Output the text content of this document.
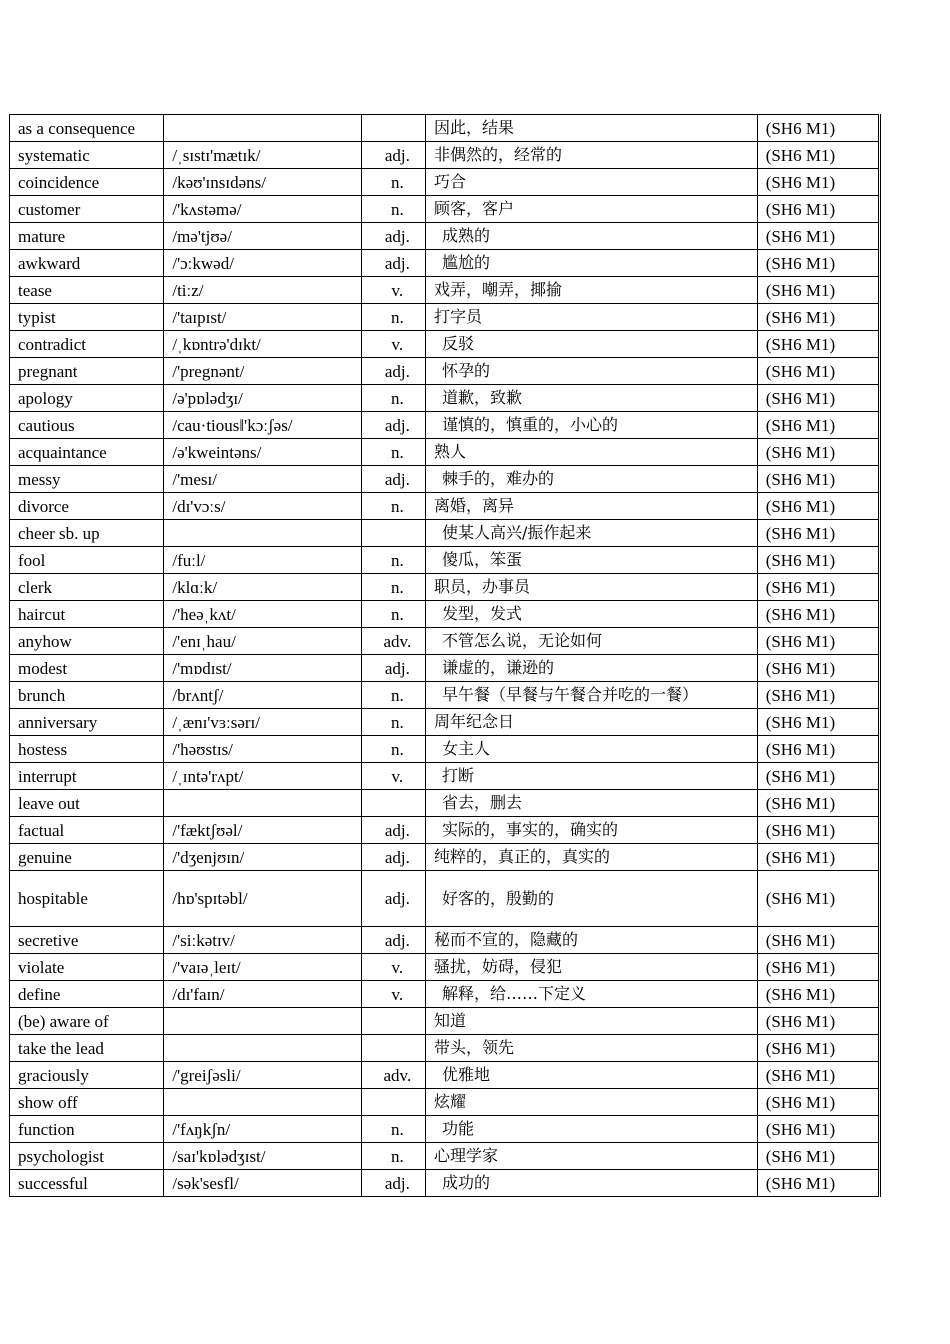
as a consequence			因此，结果	(SH6 M1)
systematic	/ˌsɪstɪ'mætɪk/	adj.	非偶然的，经常的	(SH6 M1)
coincidence	/kəʊ'ɪnsɪdəns/	n.	巧合	(SH6 M1)
customer	/'kʌstəmə/	n.	顾客，客户	(SH6 M1)
mature	/mə'tjʊə/	adj.	成熟的	(SH6 M1)
awkward	/'ɔːkwəd/	adj.	尴尬的	(SH6 M1)
tease	/tiːz/	v.	戏弄，嘲弄，揶揄	(SH6 M1)
typist	/'taɪpɪst/	n.	打字员	(SH6 M1)
contradict	/ˌkɒntrə'dɪkt/	v.	反驳	(SH6 M1)
pregnant	/'pregnənt/	adj.	怀孕的	(SH6 M1)
apology	/ə'pɒlədʒɪ/	n.	道歉，致歉	(SH6 M1)
cautious	/cau·tious‖'kɔːʃəs/	adj.	谨慎的，慎重的，小心的	(SH6 M1)
acquaintance	/ə'kweintəns/	n.	熟人	(SH6 M1)
messy	/'mesɪ/	adj.	棘手的，难办的	(SH6 M1)
divorce	/dɪ'vɔːs/	n.	离婚，离异	(SH6 M1)
cheer sb. up			使某人高兴/振作起来	(SH6 M1)
fool	/fuːl/	n.	傻瓜，笨蛋	(SH6 M1)
clerk	/klɑːk/	n.	职员，办事员	(SH6 M1)
haircut	/'heəˌkʌt/	n.	发型，发式	(SH6 M1)
anyhow	/'enɪˌhau/	adv.	不管怎么说，无论如何	(SH6 M1)
modest	/'mɒdɪst/	adj.	谦虚的，谦逊的	(SH6 M1)
brunch	/brʌntʃ/	n.	早午餐（早餐与午餐合并吃的一餐）	(SH6 M1)
anniversary	/ˌænɪ'vɜːsərɪ/	n.	周年纪念日	(SH6 M1)
hostess	/'həʊstɪs/	n.	女主人	(SH6 M1)
interrupt	/ˌɪntə'rʌpt/	v.	打断	(SH6 M1)
leave out			省去，删去	(SH6 M1)
factual	/'fæktʃʊəl/	adj.	实际的，事实的，确实的	(SH6 M1)
genuine	/'dʒenjʊɪn/	adj.	纯粹的，真正的，真实的	(SH6 M1)
hospitable	/hɒ'spɪtəbl/	adj.	好客的，殷勤的	(SH6 M1)
secretive	/'siːkətɪv/	adj.	秘而不宣的，隐藏的	(SH6 M1)
violate	/'vaɪəˌleɪt/	v.	骚扰，妨碍，侵犯	(SH6 M1)
define	/dɪ'faɪn/	v.	解释，给……下定义	(SH6 M1)
(be) aware of			知道	(SH6 M1)
take the lead			带头，领先	(SH6 M1)
graciously	/'greiʃəsli/	adv.	优雅地	(SH6 M1)
show off			炫耀	(SH6 M1)
function	/'fʌŋkʃn/	n.	功能	(SH6 M1)
psychologist	/saɪ'kɒlədʒɪst/	n.	心理学家	(SH6 M1)
successful	/sək'sesfl/	adj.	成功的	(SH6 M1)
